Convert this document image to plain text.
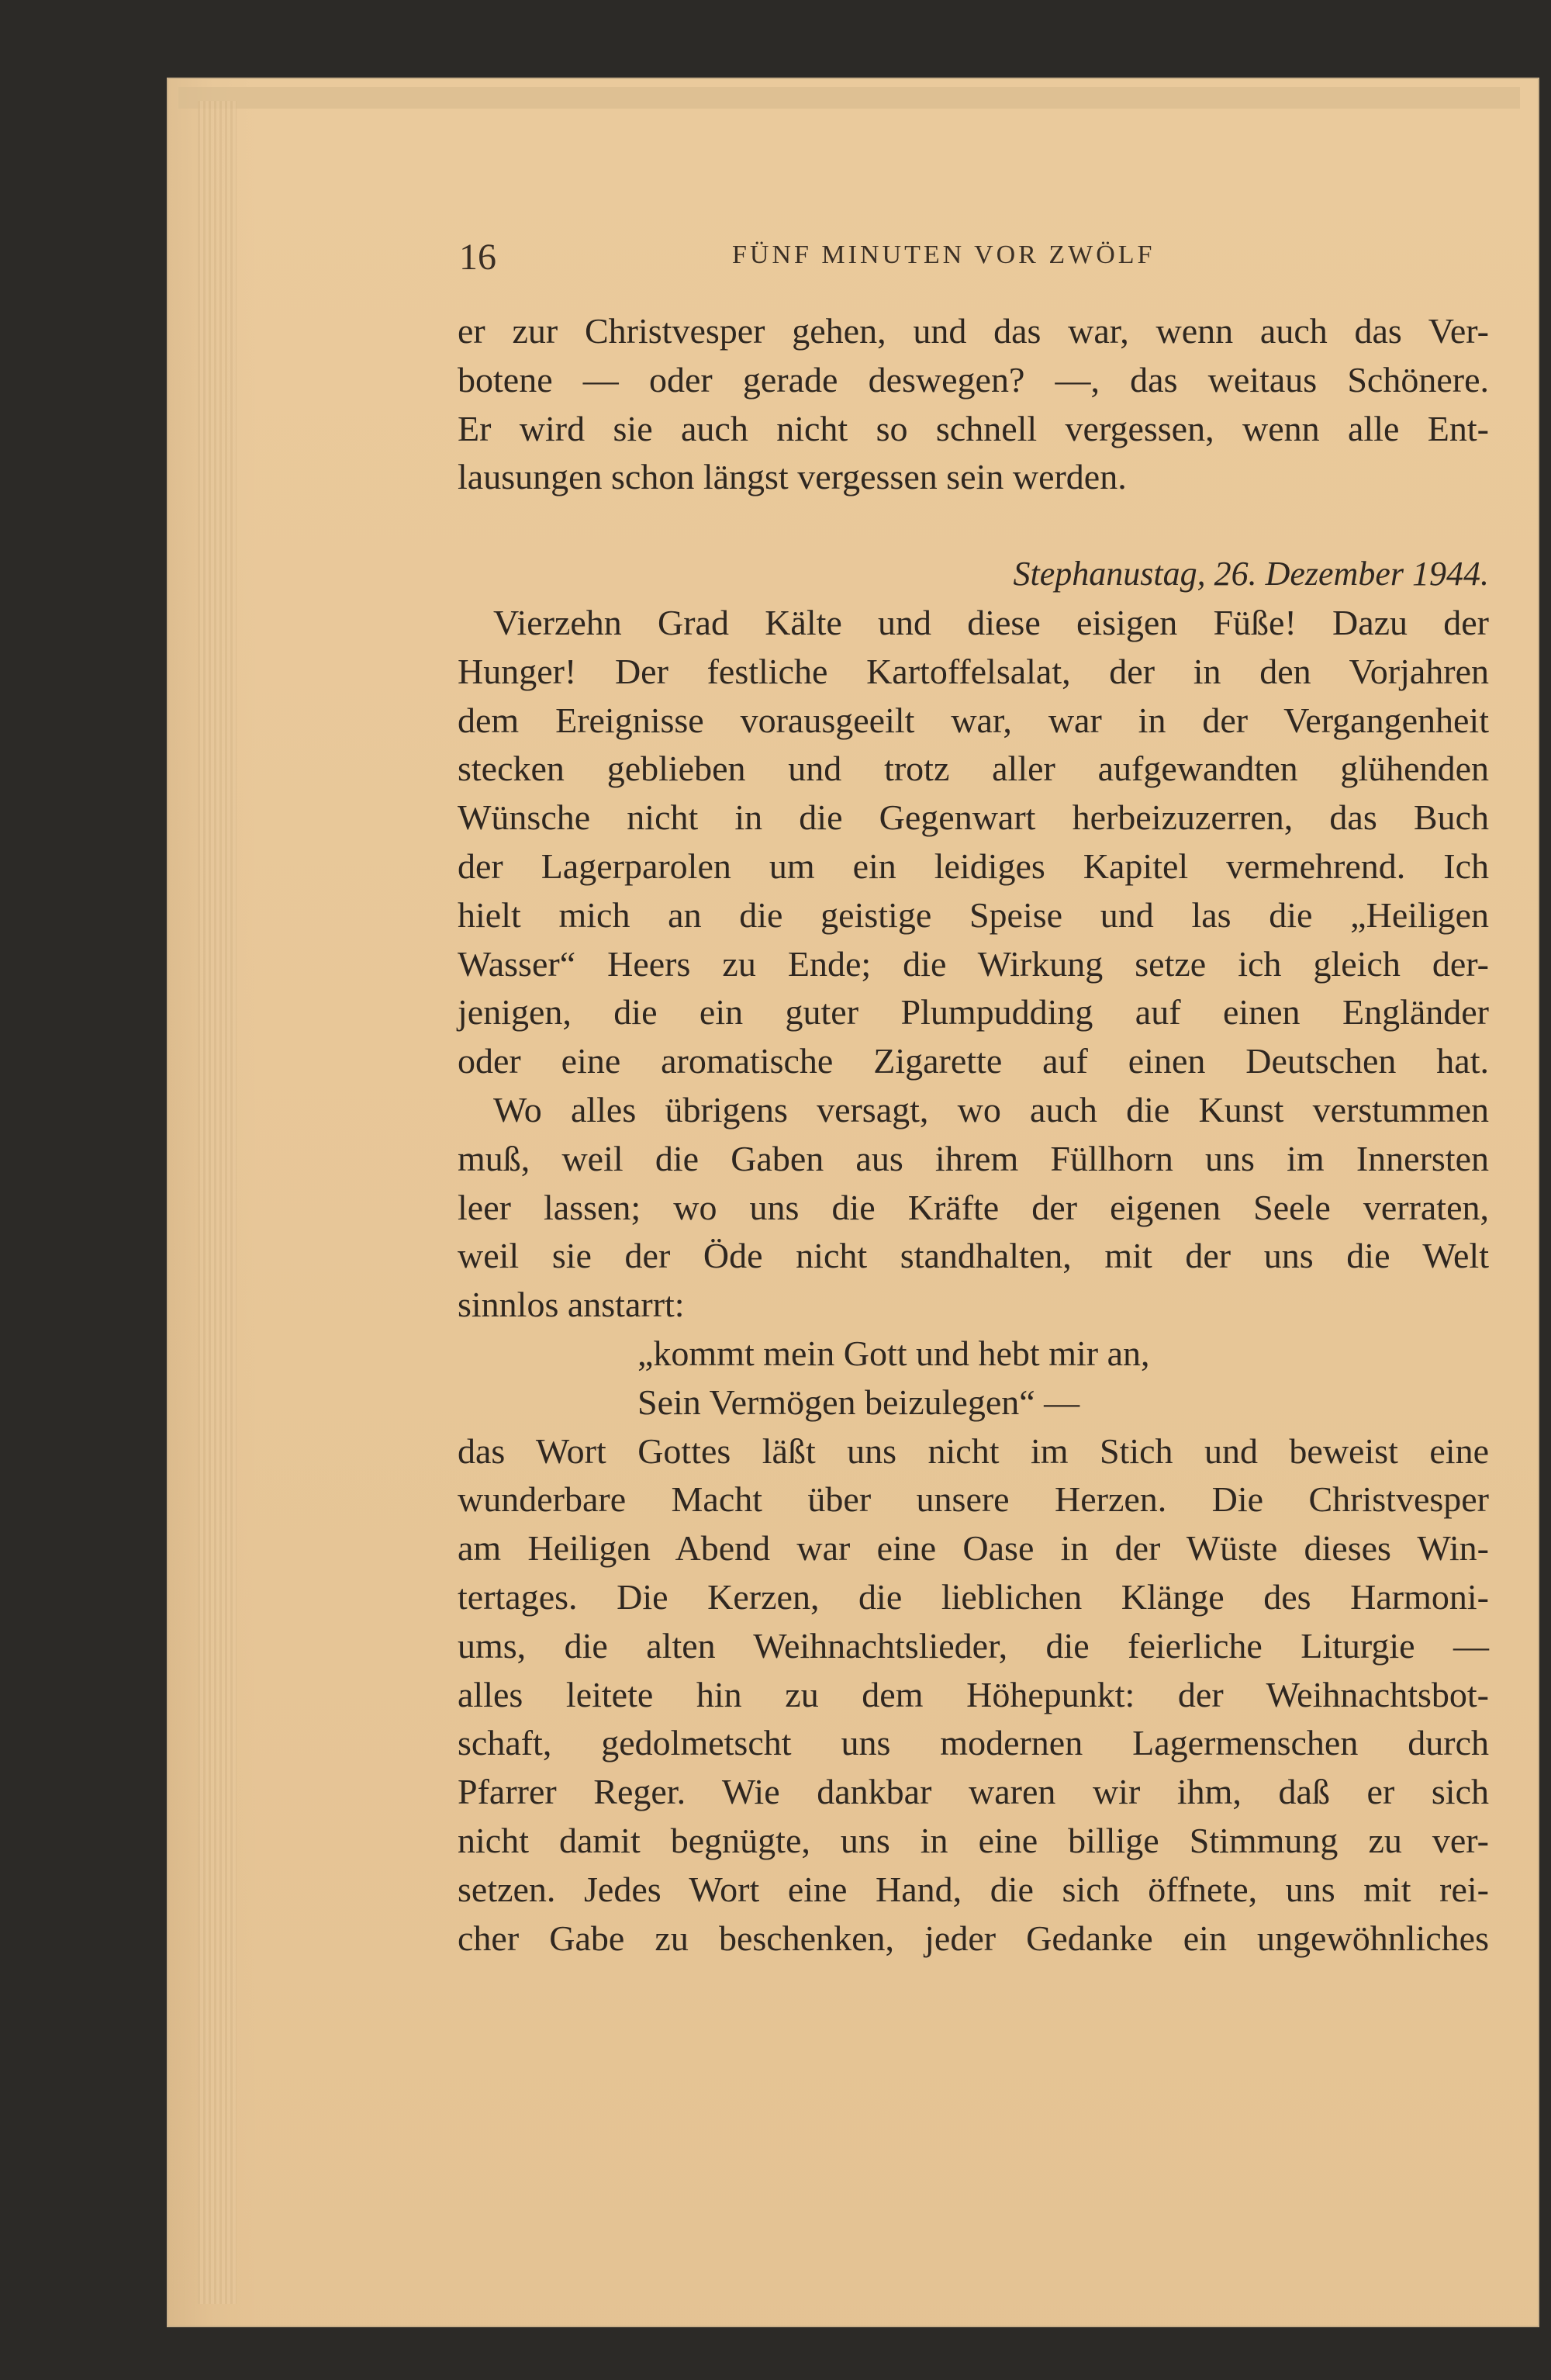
16	FÜNF MINUTEN VOR ZWÖLF
er zur Christvesper gehen, und das war, wenn auch das Ver-
botene — oder gerade deswegen? —, das weitaus Schönere.
Er wird sie auch nicht so schnell vergessen, wenn alle Ent-
lausungen schon längst vergessen sein werden.
Stephanustag, 26. Dezember 1944.
Vierzehn Grad Kälte und diese eisigen Füße! Dazu der
Hunger! Der festliche Kartoffelsalat, der in den Vorjahren
dem Ereignisse vorausgeeilt war, war in der Vergangenheit
stecken geblieben und trotz aller aufgewandten glühenden
Wünsche nicht in die Gegenwart herbeizuzerren, das Buch
der Lagerparolen um ein leidiges Kapitel vermehrend. Ich
hielt mich an die geistige Speise und las die „Heiligen
Wasser“ Heers zu Ende; die Wirkung setze ich gleich der-
jenigen, die ein guter Plumpudding auf einen Engländer
oder eine aromatische Zigarette auf einen Deutschen hat.
Wo alles übrigens versagt, wo auch die Kunst verstummen
muß, weil die Gaben aus ihrem Füllhorn uns im Innersten
leer lassen; wo uns die Kräfte der eigenen Seele verraten,
weil sie der Öde nicht standhalten, mit der uns die Welt
sinnlos anstarrt:
„kommt mein Gott und hebt mir an,
Sein Vermögen beizulegen“ —
das Wort Gottes läßt uns nicht im Stich und beweist eine
wunderbare Macht über unsere Herzen. Die Christvesper
am Heiligen Abend war eine Oase in der Wüste dieses Win-
tertages. Die Kerzen, die lieblichen Klänge des Harmoni-
ums, die alten Weihnachtslieder, die feierliche Liturgie —
alles leitete hin zu dem Höhepunkt: der Weihnachtsbot-
schaft, gedolmetscht uns modernen Lagermenschen durch
Pfarrer Reger. Wie dankbar waren wir ihm, daß er sich
nicht damit begnügte, uns in eine billige Stimmung zu ver-
setzen. Jedes Wort eine Hand, die sich öffnete, uns mit rei-
cher Gabe zu beschenken, jeder Gedanke ein ungewöhnliches
